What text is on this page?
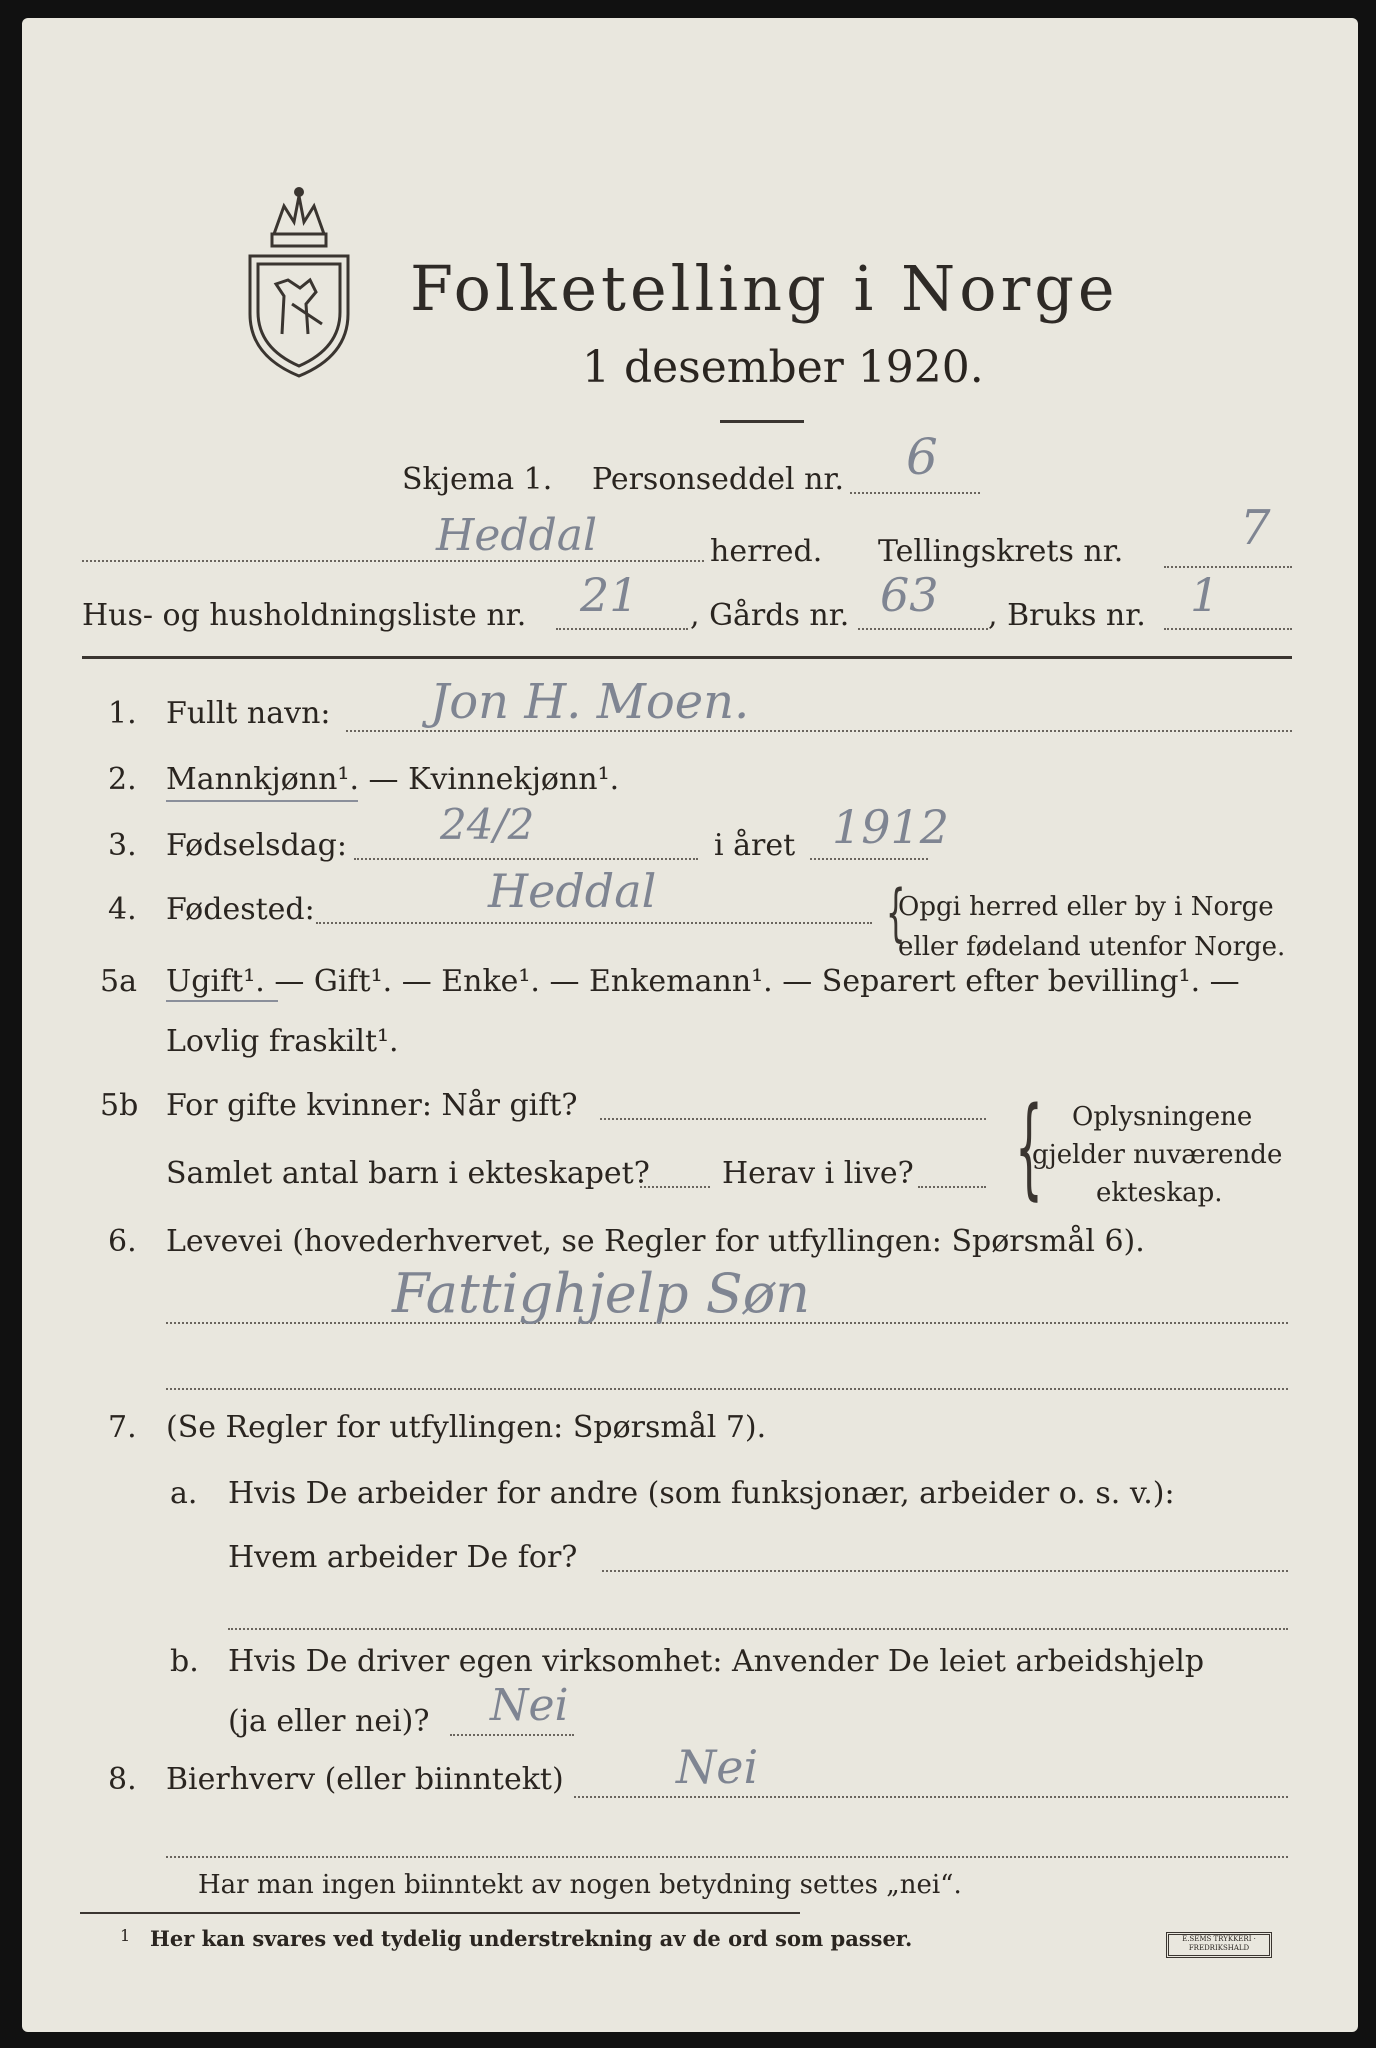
Folketelling i Norge
1 desember 1920.
Skjema 1. Personseddel nr. 6
Heddal	herred. Tellingskrets nr. 7
Hus- og husholdningsliste nr. 21 , Gårds nr. 63 , Bruks nr. 1
1. Fullt navn: Jon H. Moen.
2. Mannkjønn¹. — Kvinnekjønn¹.
3. Fødselsdag: 24/2	i året 1912
4. Fødested:	Heddal	{
Opgi herred eller by i Norge
eller fødeland utenfor Norge.
5a Ugift¹. — Gift¹. — Enke¹. — Enkemann¹. — Separert efter bevilling¹. —
Lovlig fraskilt¹.
5b For gifte kvinner: Når gift?
Samlet antal barn i ekteskapet? Herav i live? { Oplysningene
gjelder nuværende
ekteskap.
6. Levevei (hovederhvervet, se Regler for utfyllingen: Spørsmål 6).
Fattighjelp Søn
7. (Se Regler for utfyllingen: Spørsmål 7).
a. Hvis De arbeider for andre (som funksjonær, arbeider o. s. v.):
Hvem arbeider De for?
b. Hvis De driver egen virksomhet: Anvender De leiet arbeidshjelp
(ja eller nei)? Nei
8. Bierhverv (eller biinntekt) Nei
Har man ingen biinntekt av nogen betydning settes „nei“.
1 Her kan svares ved tydelig understrekning av de ord som passer.	E.SEMS TRYKKERI · FREDRIKSHALD
